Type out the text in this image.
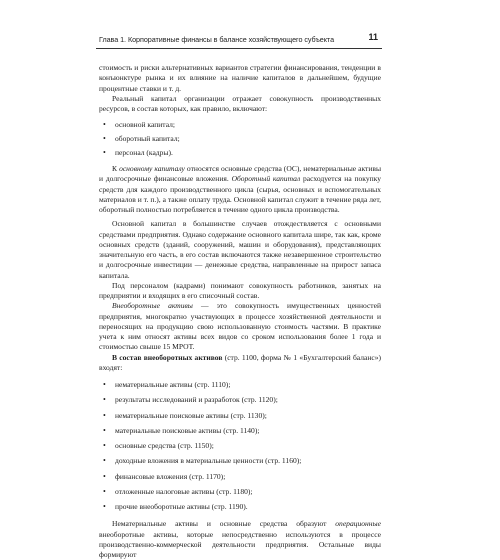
Глава 1. Корпоративные финансы в балансе хозяйствующего субъекта	11

стоимость и риски альтернативных вариантов стратегии финансирования, тенденции в конъюнктуре рынка и их влияние на наличие капиталов в дальнейшем, будущие процентные ставки и т. д.

Реальный капитал организации отражает совокупность производственных ресурсов, в состав которых, как правило, включают:

• основной капитал;
• оборотный капитал;
• персонал (кадры).

К основному капиталу относятся основные средства (ОС), нематериальные активы и долгосрочные финансовые вложения. Оборотный капитал расходуется на покупку средств для каждого производственного цикла (сырья, основных и вспомогательных материалов и т. п.), а также оплату труда. Основной капитал служит в течение ряда лет, оборотный полностью потребляется в течение одного цикла производства.

Основной капитал в большинстве случаев отождествляется с основными средствами предприятия. Однако содержание основного капитала шире, так как, кроме основных средств (зданий, сооружений, машин и оборудования), представляющих значительную его часть, в его состав включаются также незавершенное строительство и долгосрочные инвестиции — денежные средства, направленные на прирост запаса капитала.

Под персоналом (кадрами) понимают совокупность работников, занятых на предприятии и входящих в его списочный состав.

Внеоборотные активы — это совокупность имущественных ценностей предприятия, многократно участвующих в процессе хозяйственной деятельности и переносящих на продукцию свою использованную стоимость частями. В практике учета к ним относят активы всех видов со сроком использования более 1 года и стоимостью свыше 15 МРОТ.

В состав внеоборотных активов (стр. 1100, форма № 1 «Бухгалтерский баланс») входят:

• нематериальные активы (стр. 1110);
• результаты исследований и разработок (стр. 1120);
• нематериальные поисковые активы (стр. 1130);
• материальные поисковые активы (стр. 1140);
• основные средства (стр. 1150);
• доходные вложения в материальные ценности (стр. 1160);
• финансовые вложения (стр. 1170);
• отложенные налоговые активы (стр. 1180);
• прочие внеоборотные активы (стр. 1190).

Нематериальные активы и основные средства образуют операционные внеоборотные активы, которые непосредственно используются в процессе производственно-коммерческой деятельности предприятия. Остальные виды формируют
